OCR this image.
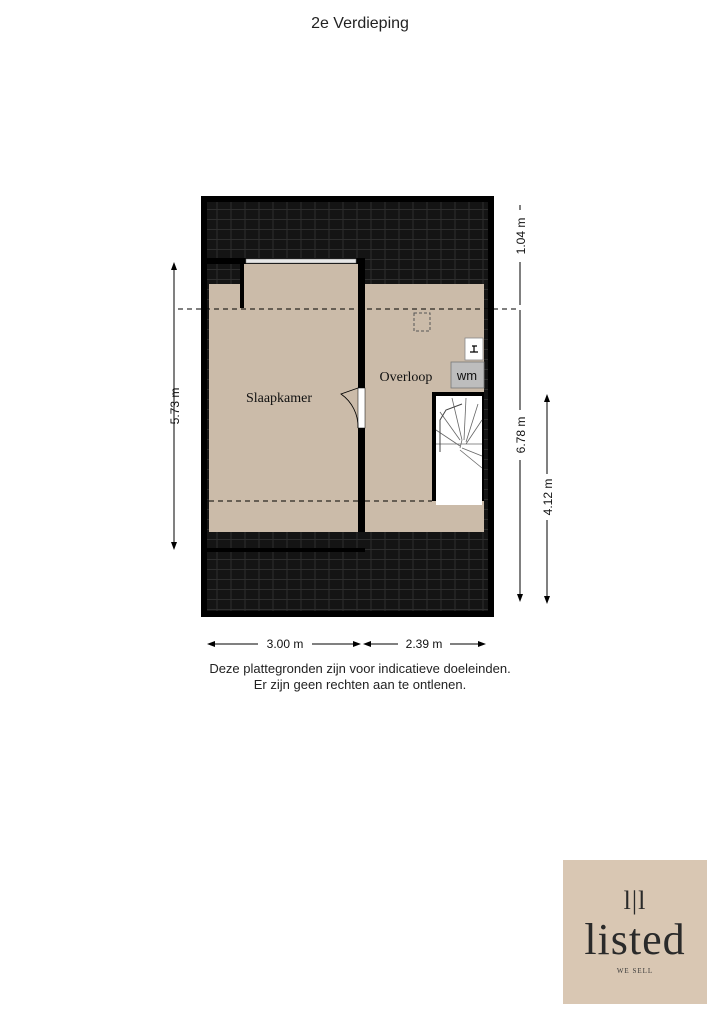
2e Verdieping
Slaapkamer
Overloop wm
5.73 m
1.04 m
6.78 m
4.12 m
3.00 m	2.39 m
Deze plattegronden zijn voor indicatieve doeleinden.
Er zijn geen rechten aan te ontlenen.
l|l
listed
WE SELL
